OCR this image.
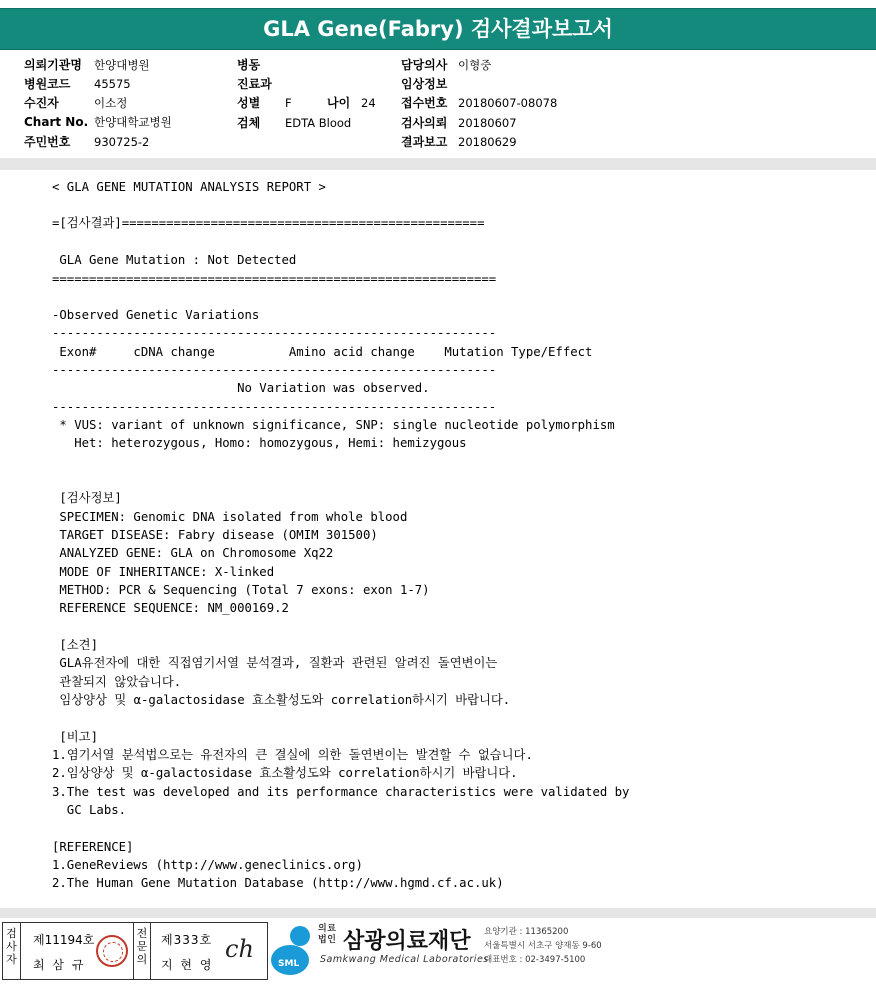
GLA Gene(Fabry) 검사결과보고서
의뢰기관명 한양대병원
병원코드 45575
수진자	이소정
Chart No. 한양대학교병원
주민번호 930725-2
병동
진료과
성별 F	나이 24
검체 EDTA Blood
담당의사 이형중
임상정보
접수번호 20180607-08078
검사의뢰 20180607
결과보고 20180629
< GLA GENE MUTATION ANALYSIS REPORT >
=[검사결과]=================================================
GLA Gene Mutation : Not Detected
============================================================
-Observed Genetic Variations
------------------------------------------------------------
Exon#     cDNA change          Amino acid change    Mutation Type/Effect
------------------------------------------------------------
No Variation was observed.
------------------------------------------------------------
* VUS: variant of unknown significance, SNP: single nucleotide polymorphism
Het: heterozygous, Homo: homozygous, Hemi: hemizygous
[검사정보]
SPECIMEN: Genomic DNA isolated from whole blood
TARGET DISEASE: Fabry disease (OMIM 301500)
ANALYZED GENE: GLA on Chromosome Xq22
MODE OF INHERITANCE: X-linked
METHOD: PCR & Sequencing (Total 7 exons: exon 1-7)
REFERENCE SEQUENCE: NM_000169.2
[소견]
GLA유전자에 대한 직접염기서열 분석결과, 질환과 관련된 알려진 돌연변이는
관찰되지 않았습니다.
임상양상 및 α-galactosidase 효소활성도와 correlation하시기 바랍니다.
[비고]
1.염기서열 분석법으로는 유전자의 큰 결실에 의한 돌연변이는 발견할 수 없습니다.
2.임상양상 및 α-galactosidase 효소활성도와 correlation하시기 바랍니다.
3.The test was developed and its performance characteristics were validated by
GC Labs.
[REFERENCE]
1.GeneReviews (http://www.geneclinics.org)
2.The Human Gene Mutation Database (http://www.hgmd.cf.ac.uk)
검사자
제11194호
최 삼 규
전문의
제333호
지 현 영
ch
SML
의료법인 삼광의료재단
Samkwang Medical Laboratories
요양기관 : 11365200
서울특별시 서초구 양재동 9-60
대표번호 : 02-3497-5100
